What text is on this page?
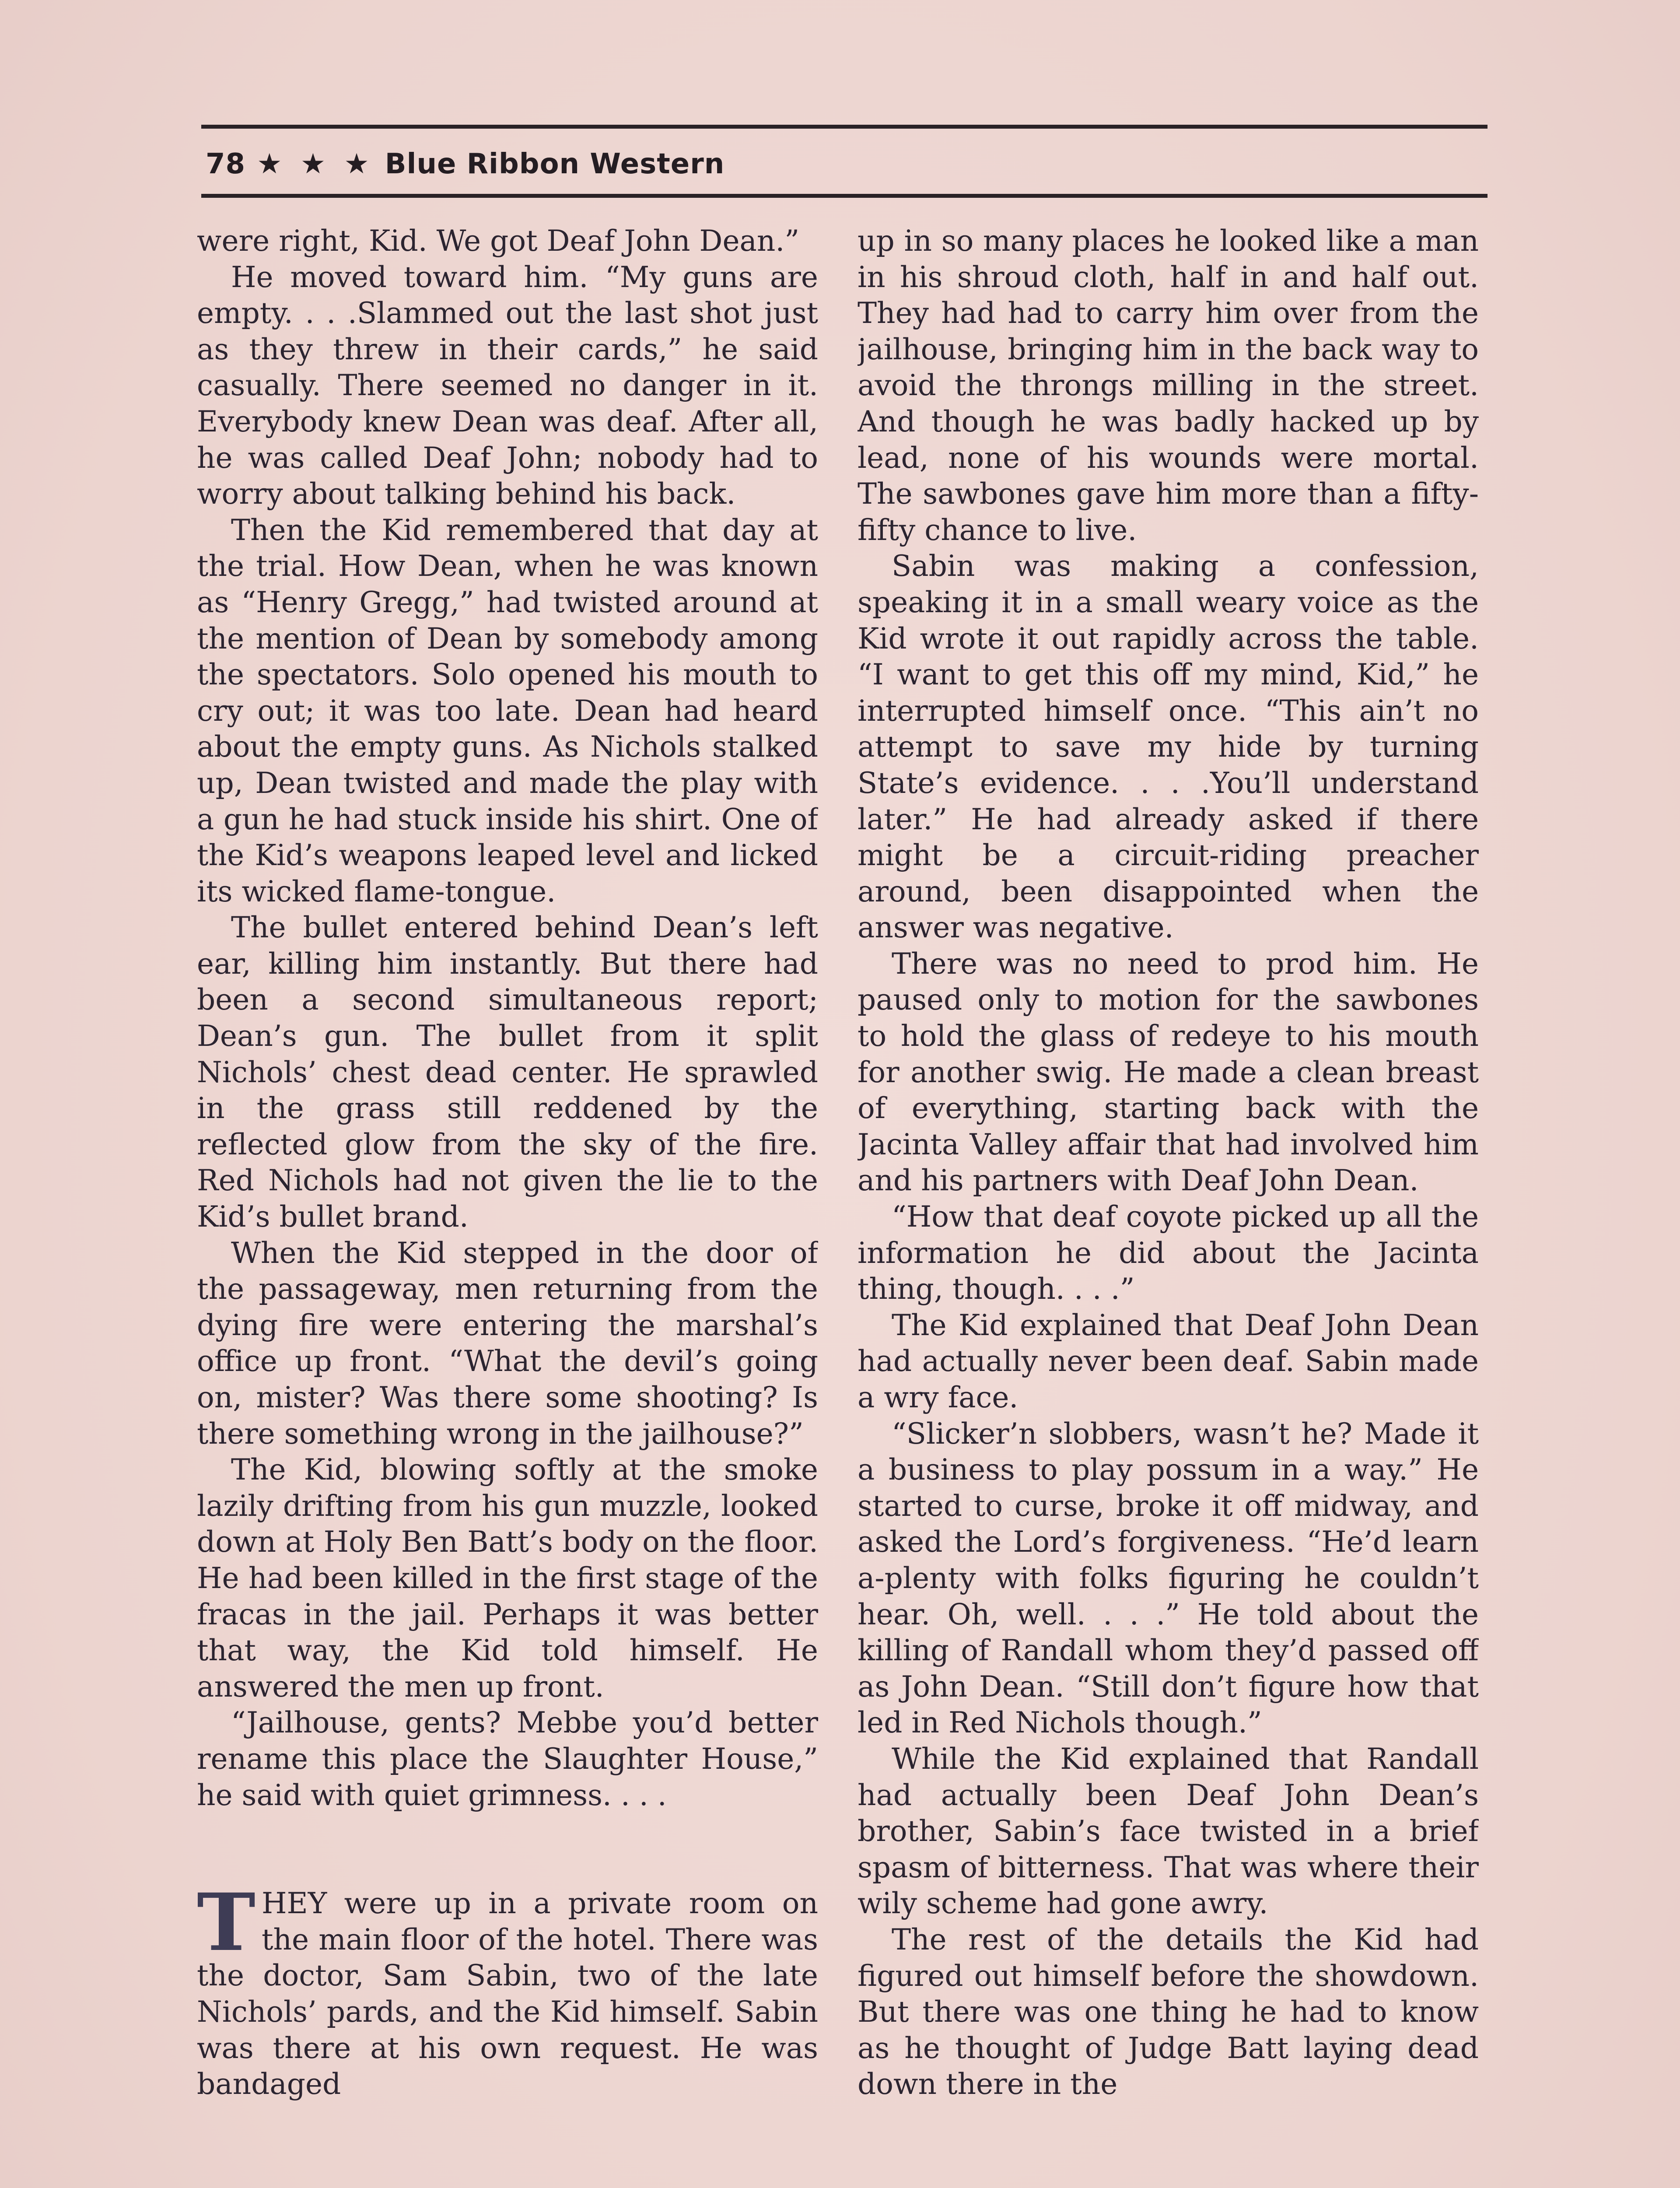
78 ★ ★ ★ Blue Ribbon Western

were right, Kid. We got Deaf John Dean.”

He moved toward him. “My guns are empty. . . .Slammed out the last shot just as they threw in their cards,” he said casually. There seemed no danger in it. Everybody knew Dean was deaf. After all, he was called Deaf John; nobody had to worry about talking behind his back.

Then the Kid remembered that day at the trial. How Dean, when he was known as “Henry Gregg,” had twisted around at the mention of Dean by somebody among the spectators. Solo opened his mouth to cry out; it was too late. Dean had heard about the empty guns. As Nichols stalked up, Dean twisted and made the play with a gun he had stuck inside his shirt. One of the Kid’s weapons leaped level and licked its wicked flame-tongue.

The bullet entered behind Dean’s left ear, killing him instantly. But there had been a second simultaneous report; Dean’s gun. The bullet from it split Nichols’ chest dead center. He sprawled in the grass still reddened by the reflected glow from the sky of the fire. Red Nichols had not given the lie to the Kid’s bullet brand.

When the Kid stepped in the door of the passageway, men returning from the dying fire were entering the marshal’s office up front. “What the devil’s going on, mister? Was there some shooting? Is there something wrong in the jailhouse?”

The Kid, blowing softly at the smoke lazily drifting from his gun muzzle, looked down at Holy Ben Batt’s body on the floor. He had been killed in the first stage of the fracas in the jail. Perhaps it was better that way, the Kid told himself. He answered the men up front.

“Jailhouse, gents? Mebbe you’d better rename this place the Slaughter House,” he said with quiet grimness. . . .

THEY were up in a private room on the main floor of the hotel. There was the doctor, Sam Sabin, two of the late Nichols’ pards, and the Kid himself. Sabin was there at his own request. He was bandaged

up in so many places he looked like a man in his shroud cloth, half in and half out. They had had to carry him over from the jailhouse, bringing him in the back way to avoid the throngs milling in the street. And though he was badly hacked up by lead, none of his wounds were mortal. The sawbones gave him more than a fifty-fifty chance to live.

Sabin was making a confession, speaking it in a small weary voice as the Kid wrote it out rapidly across the table. “I want to get this off my mind, Kid,” he interrupted himself once. “This ain’t no attempt to save my hide by turning State’s evidence. . . .You’ll understand later.” He had already asked if there might be a circuit-riding preacher around, been disappointed when the answer was negative.

There was no need to prod him. He paused only to motion for the sawbones to hold the glass of redeye to his mouth for another swig. He made a clean breast of everything, starting back with the Jacinta Valley affair that had involved him and his partners with Deaf John Dean.

“How that deaf coyote picked up all the information he did about the Jacinta thing, though. . . .”

The Kid explained that Deaf John Dean had actually never been deaf. Sabin made a wry face.

“Slicker’n slobbers, wasn’t he? Made it a business to play possum in a way.” He started to curse, broke it off midway, and asked the Lord’s forgiveness. “He’d learn a-plenty with folks figuring he couldn’t hear. Oh, well. . . .” He told about the killing of Randall whom they’d passed off as John Dean. “Still don’t figure how that led in Red Nichols though.”

While the Kid explained that Randall had actually been Deaf John Dean’s brother, Sabin’s face twisted in a brief spasm of bitterness. That was where their wily scheme had gone awry.

The rest of the details the Kid had figured out himself before the showdown. But there was one thing he had to know as he thought of Judge Batt laying dead down there in the
